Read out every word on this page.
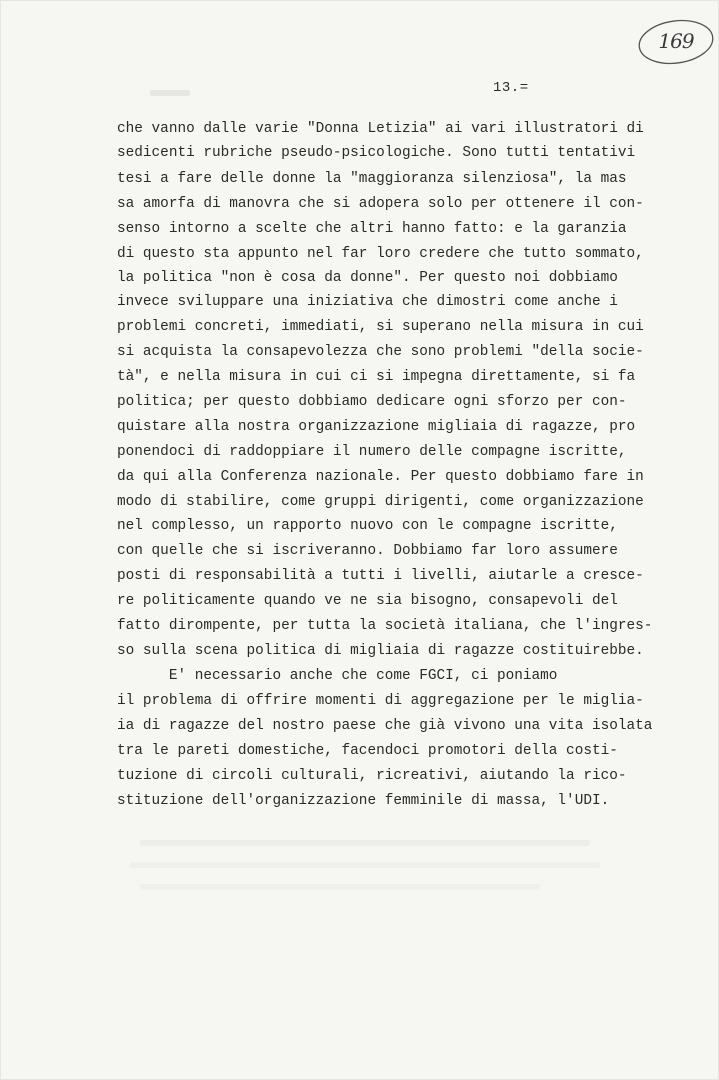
169
13.=
che vanno dalle varie "Donna Letizia" ai vari illustratori di
sedicenti rubriche pseudo-psicologiche. Sono tutti tentativi
tesi a fare delle donne la "maggioranza silenziosa", la mas
sa amorfa di manovra che si adopera solo per ottenere il con-
senso intorno a scelte che altri hanno fatto: e la garanzia
di questo sta appunto nel far loro credere che tutto sommato,
la politica "non è cosa da donne". Per questo noi dobbiamo
invece sviluppare una iniziativa che dimostri come anche i
problemi concreti, immediati, si superano nella misura in cui
si acquista la consapevolezza che sono problemi "della socie-
tà", e nella misura in cui ci si impegna direttamente, si fa
politica; per questo dobbiamo dedicare ogni sforzo per con-
quistare alla nostra organizzazione migliaia di ragazze, pro
ponendoci di raddoppiare il numero delle compagne iscritte,
da qui alla Conferenza nazionale. Per questo dobbiamo fare in
modo di stabilire, come gruppi dirigenti, come organizzazione
nel complesso, un rapporto nuovo con le compagne iscritte,
con quelle che si iscriveranno. Dobbiamo far loro assumere
posti di responsabilità a tutti i livelli, aiutarle a cresce-
re politicamente quando ve ne sia bisogno, consapevoli del
fatto dirompente, per tutta la società italiana, che l'ingres-
so sulla scena politica di migliaia di ragazze costituirebbe.
E' necessario anche che come FGCI, ci poniamo
il problema di offrire momenti di aggregazione per le miglia-
ia di ragazze del nostro paese che già vivono una vita isolata
tra le pareti domestiche, facendoci promotori della costi-
tuzione di circoli culturali, ricreativi, aiutando la rico-
stituzione dell'organizzazione femminile di massa, l'UDI.
